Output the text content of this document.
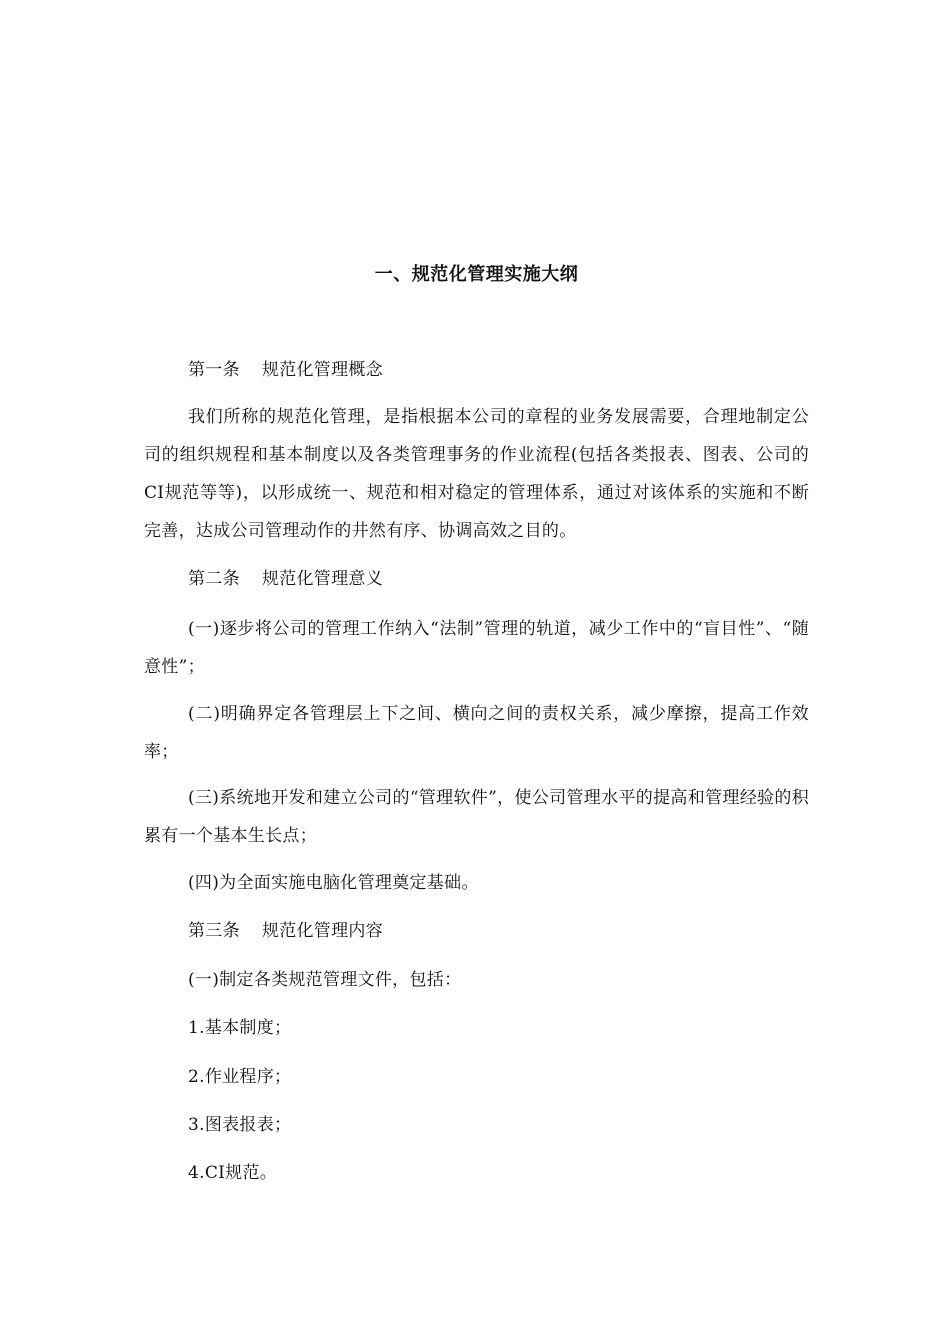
一、规范化管理实施大纲

第一条 规范化管理概念

我们所称的规范化管理，是指根据本公司的章程的业务发展需要，合理地制定公司的组织规程和基本制度以及各类管理事务的作业流程(包括各类报表、图表、公司的CI规范等等)，以形成统一、规范和相对稳定的管理体系，通过对该体系的实施和不断完善，达成公司管理动作的井然有序、协调高效之目的。

第二条 规范化管理意义

(一)逐步将公司的管理工作纳入“法制”管理的轨道，减少工作中的“盲目性”、“随意性”；

(二)明确界定各管理层上下之间、横向之间的责权关系，减少摩擦，提高工作效率；

(三)系统地开发和建立公司的“管理软件”，使公司管理水平的提高和管理经验的积累有一个基本生长点；

(四)为全面实施电脑化管理奠定基础。

第三条 规范化管理内容

(一)制定各类规范管理文件，包括：

1.基本制度；

2.作业程序；

3.图表报表；

4.CI规范。
